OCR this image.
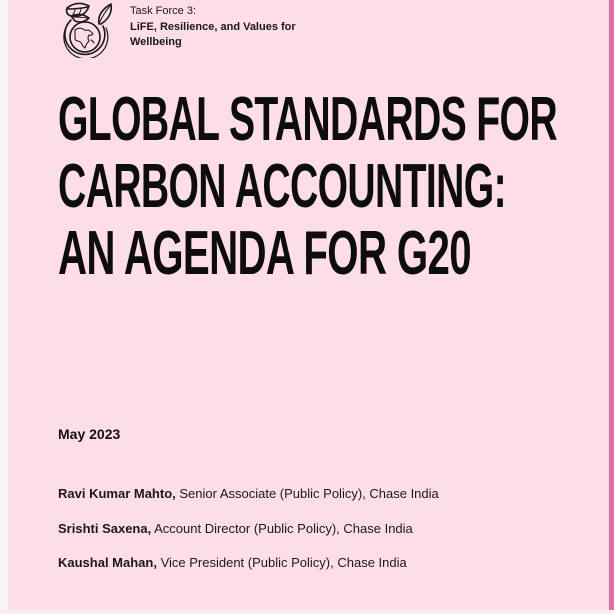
Task Force 3:
LiFE, Resilience, and Values for
Wellbeing
GLOBAL STANDARDS FOR
CARBON ACCOUNTING:
AN AGENDA FOR G20
May 2023
Ravi Kumar Mahto, Senior Associate (Public Policy), Chase India
Srishti Saxena, Account Director (Public Policy), Chase India
Kaushal Mahan, Vice President (Public Policy), Chase India
